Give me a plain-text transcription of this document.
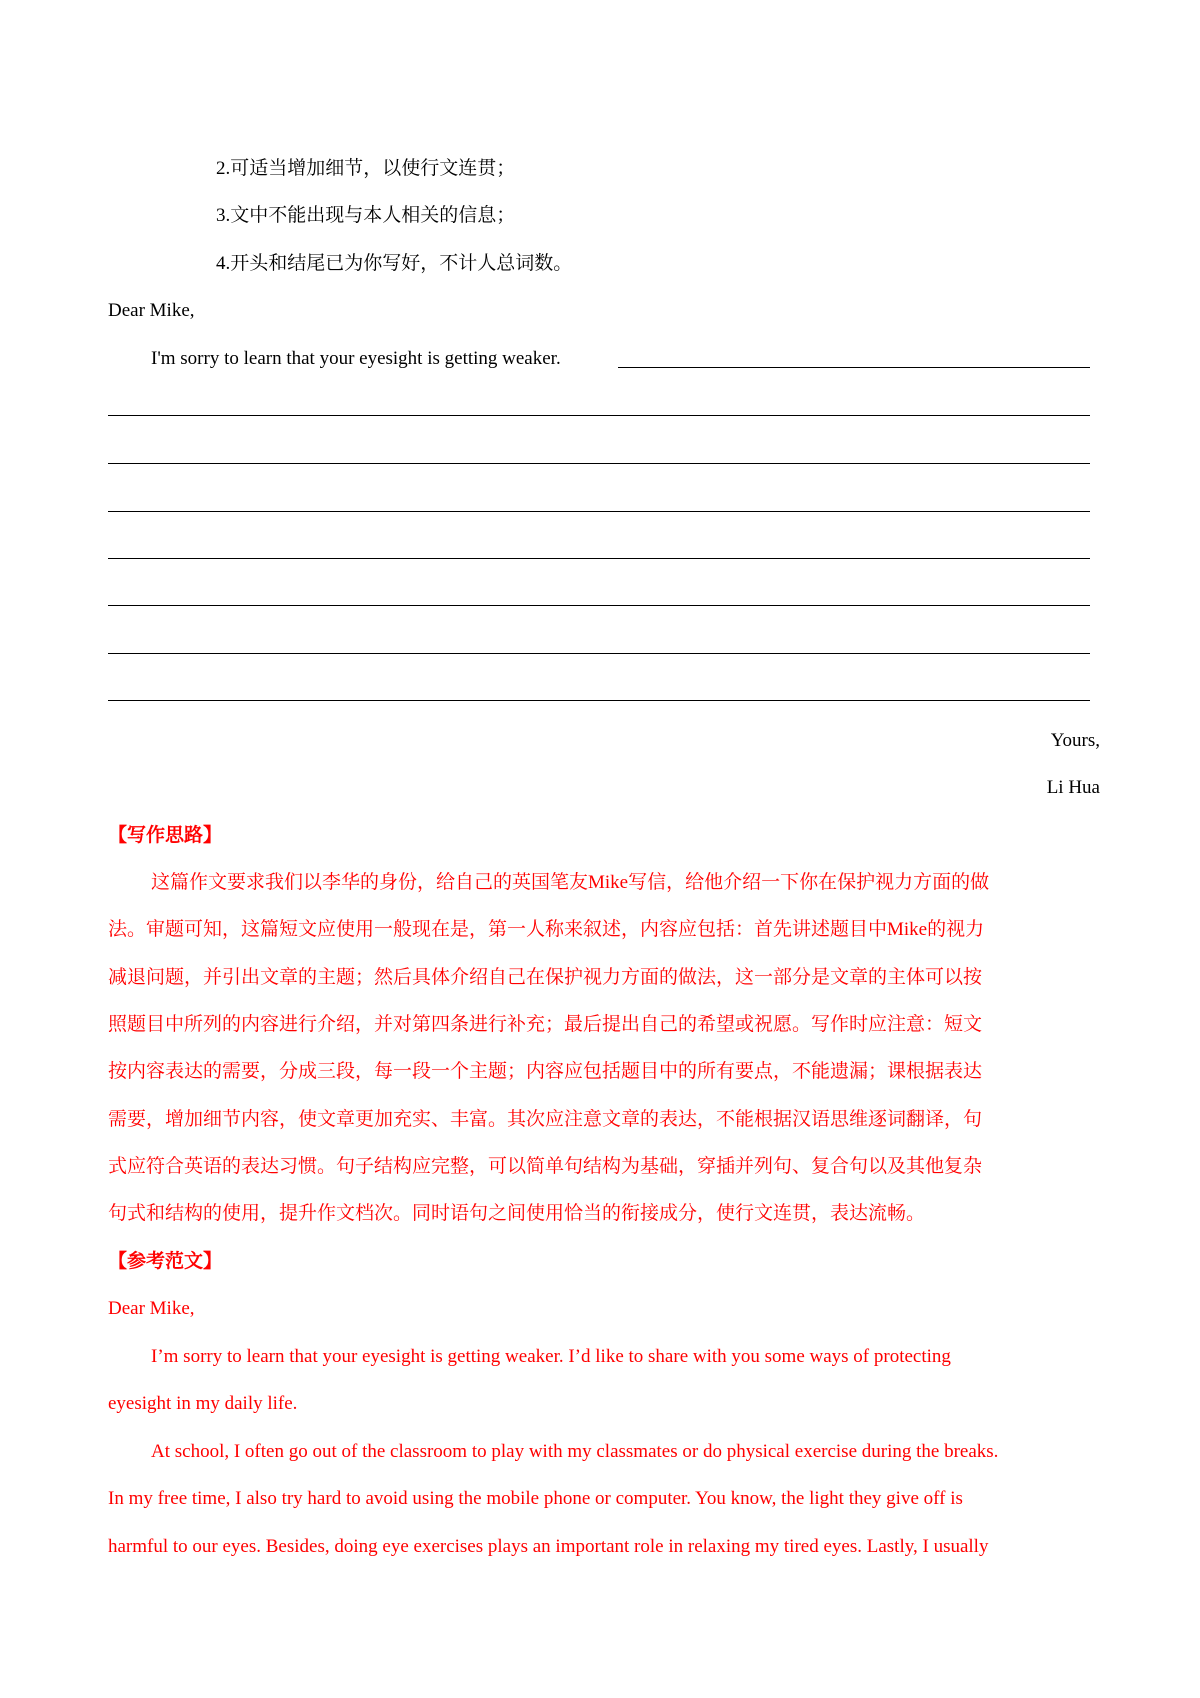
2.可适当增加细节，以使行文连贯；
3.文中不能出现与本人相关的信息；
4.开头和结尾已为你写好，不计人总词数。
Dear Mike,
I'm sorry to learn that your eyesight is getting weaker.
Yours,
Li Hua
【写作思路】
这篇作文要求我们以李华的身份，给自己的英国笔友Mike写信，给他介绍一下你在保护视力方面的做
法。审题可知，这篇短文应使用一般现在是，第一人称来叙述，内容应包括：首先讲述题目中Mike的视力
减退问题，并引出文章的主题；然后具体介绍自己在保护视力方面的做法，这一部分是文章的主体可以按
照题目中所列的内容进行介绍，并对第四条进行补充；最后提出自己的希望或祝愿。写作时应注意：短文
按内容表达的需要，分成三段，每一段一个主题；内容应包括题目中的所有要点，不能遗漏；课根据表达
需要，增加细节内容，使文章更加充实、丰富。其次应注意文章的表达，不能根据汉语思维逐词翻译，句
式应符合英语的表达习惯。句子结构应完整，可以简单句结构为基础，穿插并列句、复合句以及其他复杂
句式和结构的使用，提升作文档次。同时语句之间使用恰当的衔接成分，使行文连贯，表达流畅。
【参考范文】
Dear Mike,
I’m sorry to learn that your eyesight is getting weaker. I’d like to share with you some ways of protecting
eyesight in my daily life.
At school, I often go out of the classroom to play with my classmates or do physical exercise during the breaks.
In my free time, I also try hard to avoid using the mobile phone or computer. You know, the light they give off is
harmful to our eyes. Besides, doing eye exercises plays an important role in relaxing my tired eyes. Lastly, I usually
